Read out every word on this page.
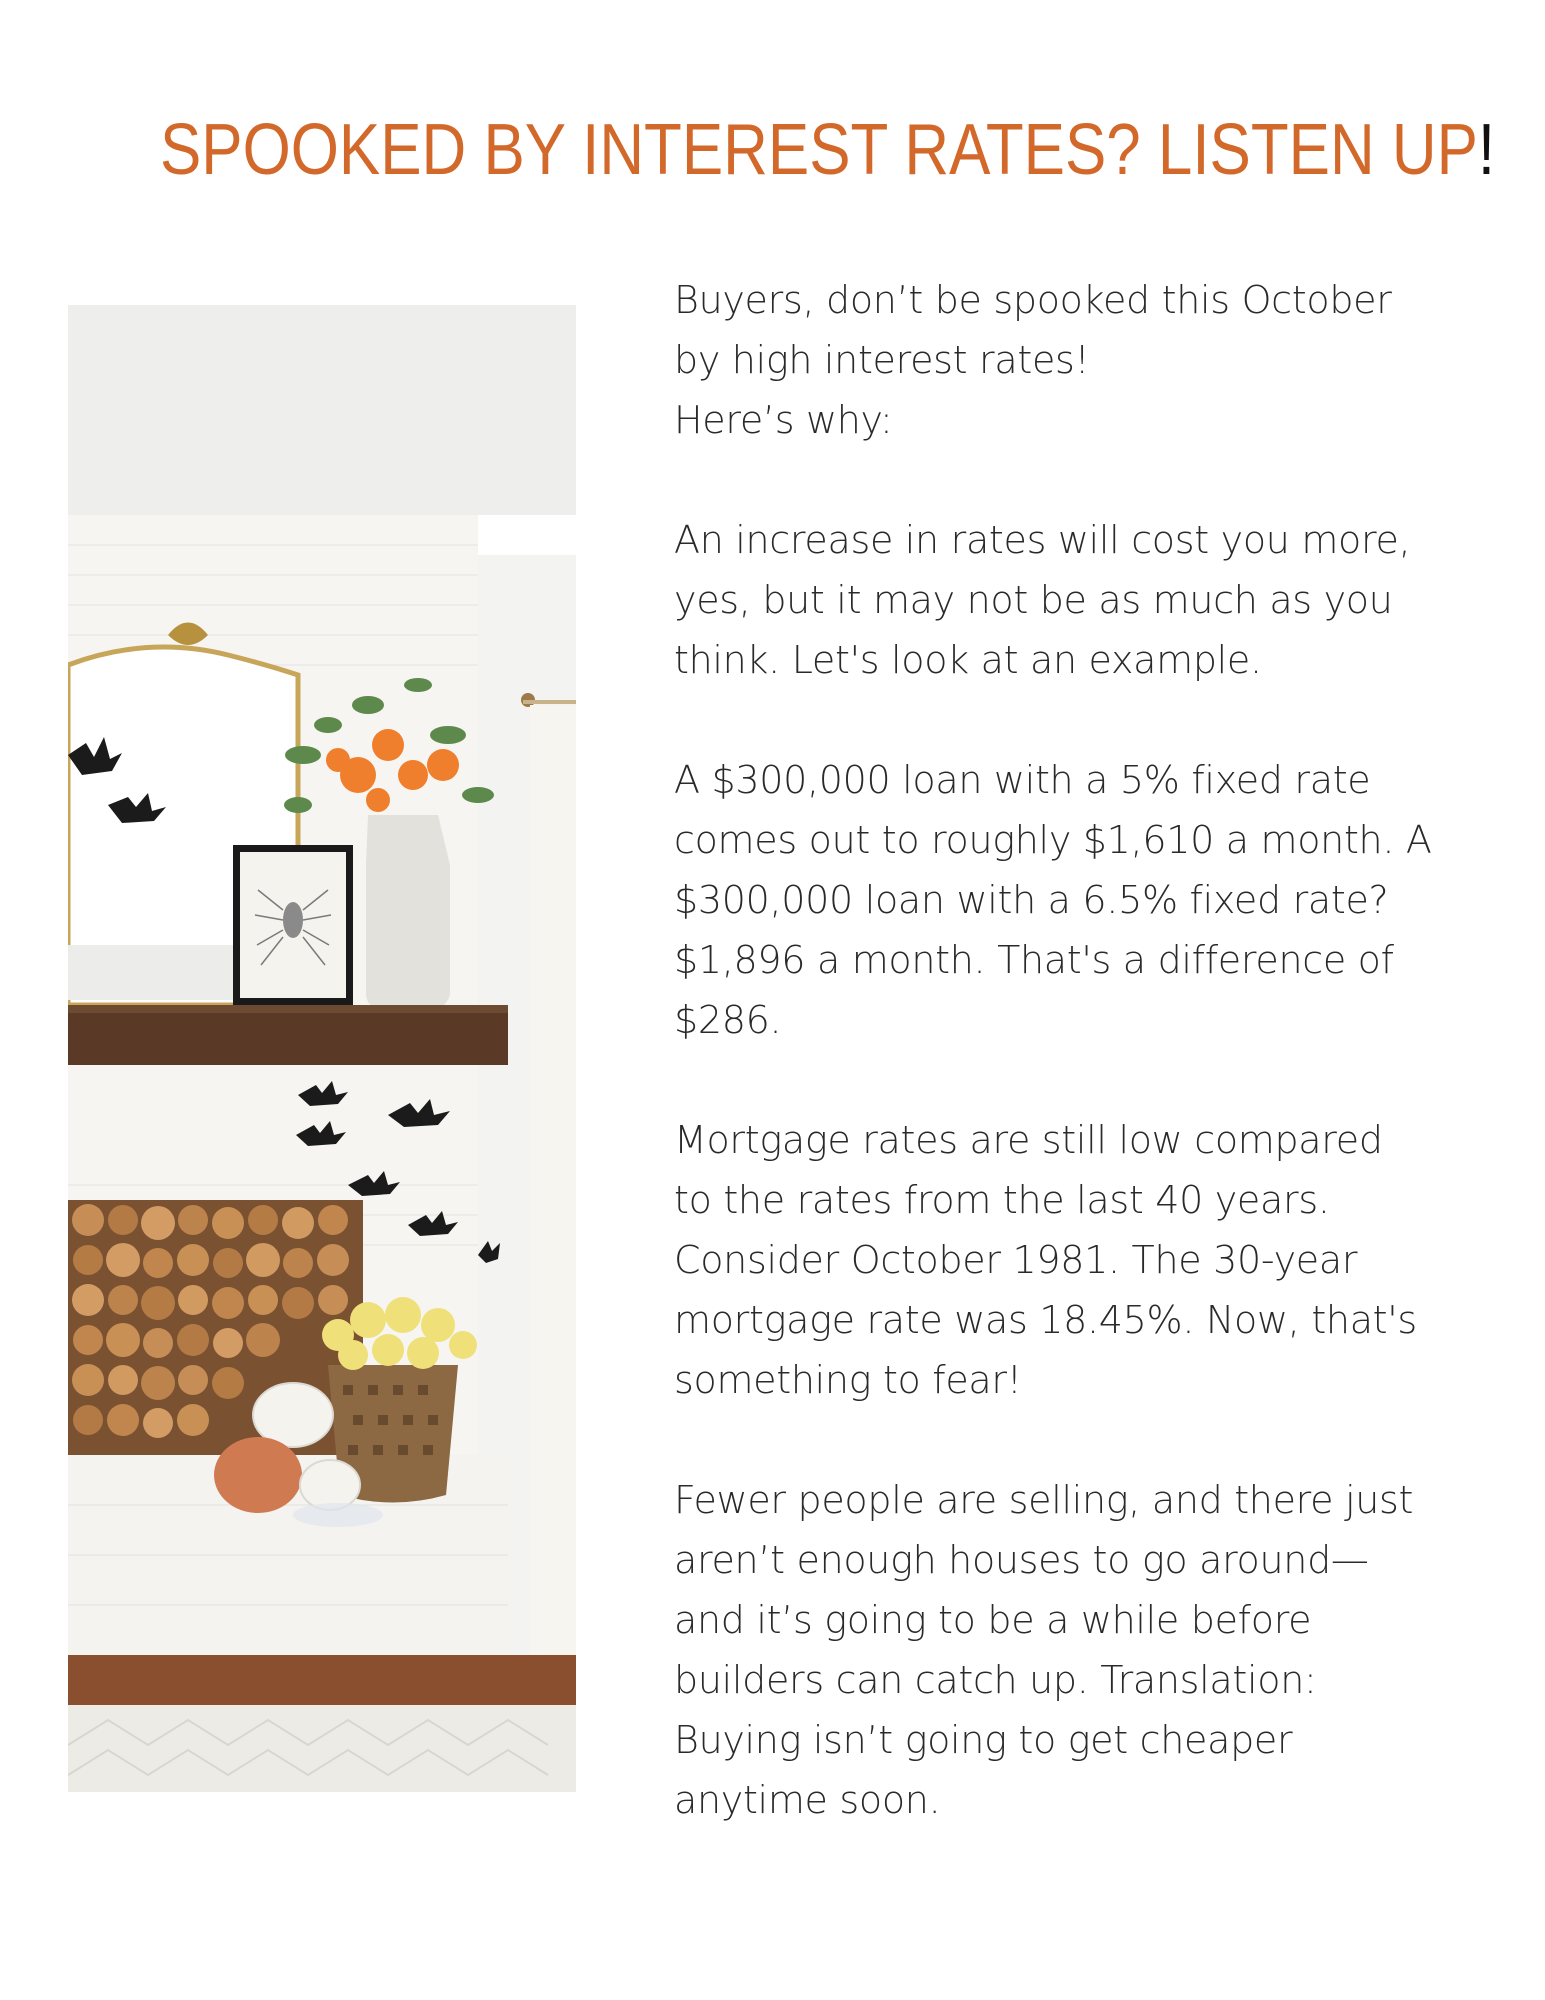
SPOOKED BY INTEREST RATES? LISTEN UP!

Buyers, don’t be spooked this October
by high interest rates!
Here’s why:

An increase in rates will cost you more,
yes, but it may not be as much as you
think. Let's look at an example.

A $300,000 loan with a 5% fixed rate
comes out to roughly $1,610 a month. A
$300,000 loan with a 6.5% fixed rate?
$1,896 a month. That's a difference of
$286.

Mortgage rates are still low compared
to the rates from the last 40 years.
Consider October 1981. The 30-year
mortgage rate was 18.45%. Now, that's
something to fear!

Fewer people are selling, and there just
aren’t enough houses to go around—
and it’s going to be a while before
builders can catch up. Translation:
Buying isn’t going to get cheaper
anytime soon.
